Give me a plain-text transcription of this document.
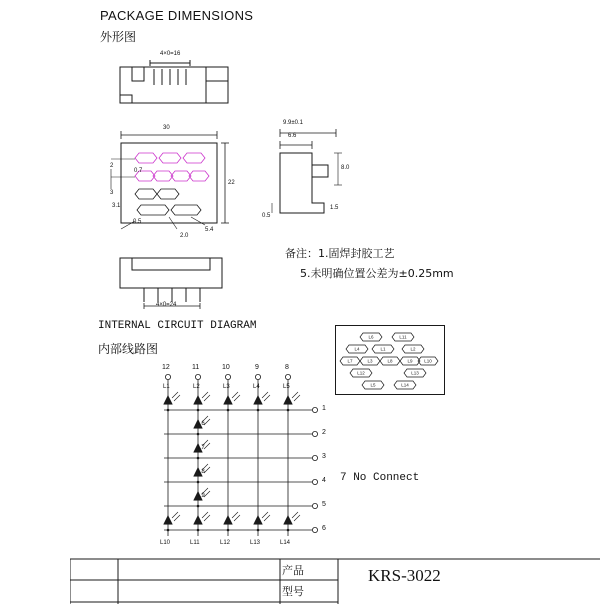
PACKAGE DIMENSIONS
外形图
4×0=16
30
22
0.7
2
3
3.1
0.5
2.0
5.4
9.9±0.1
6.6
8.0
1.5
0.5
4×0=24
备注：1.固焊封胶工艺
5.未明确位置公差为±0.25mm
INTERNAL CIRCUIT DIAGRAM
内部线路图
L6	L11
L4	L1	L2
L7	L3	L8	L9	L10
L12	L13
L5	L14
7 No Connect
12	11	10	9	8
1
2
3
4
5
6
L1	L2	L3	L4	L5
L6
L7
L8
L9
L10	L11	L12	L13	L14
产品
型号
KRS-3022
